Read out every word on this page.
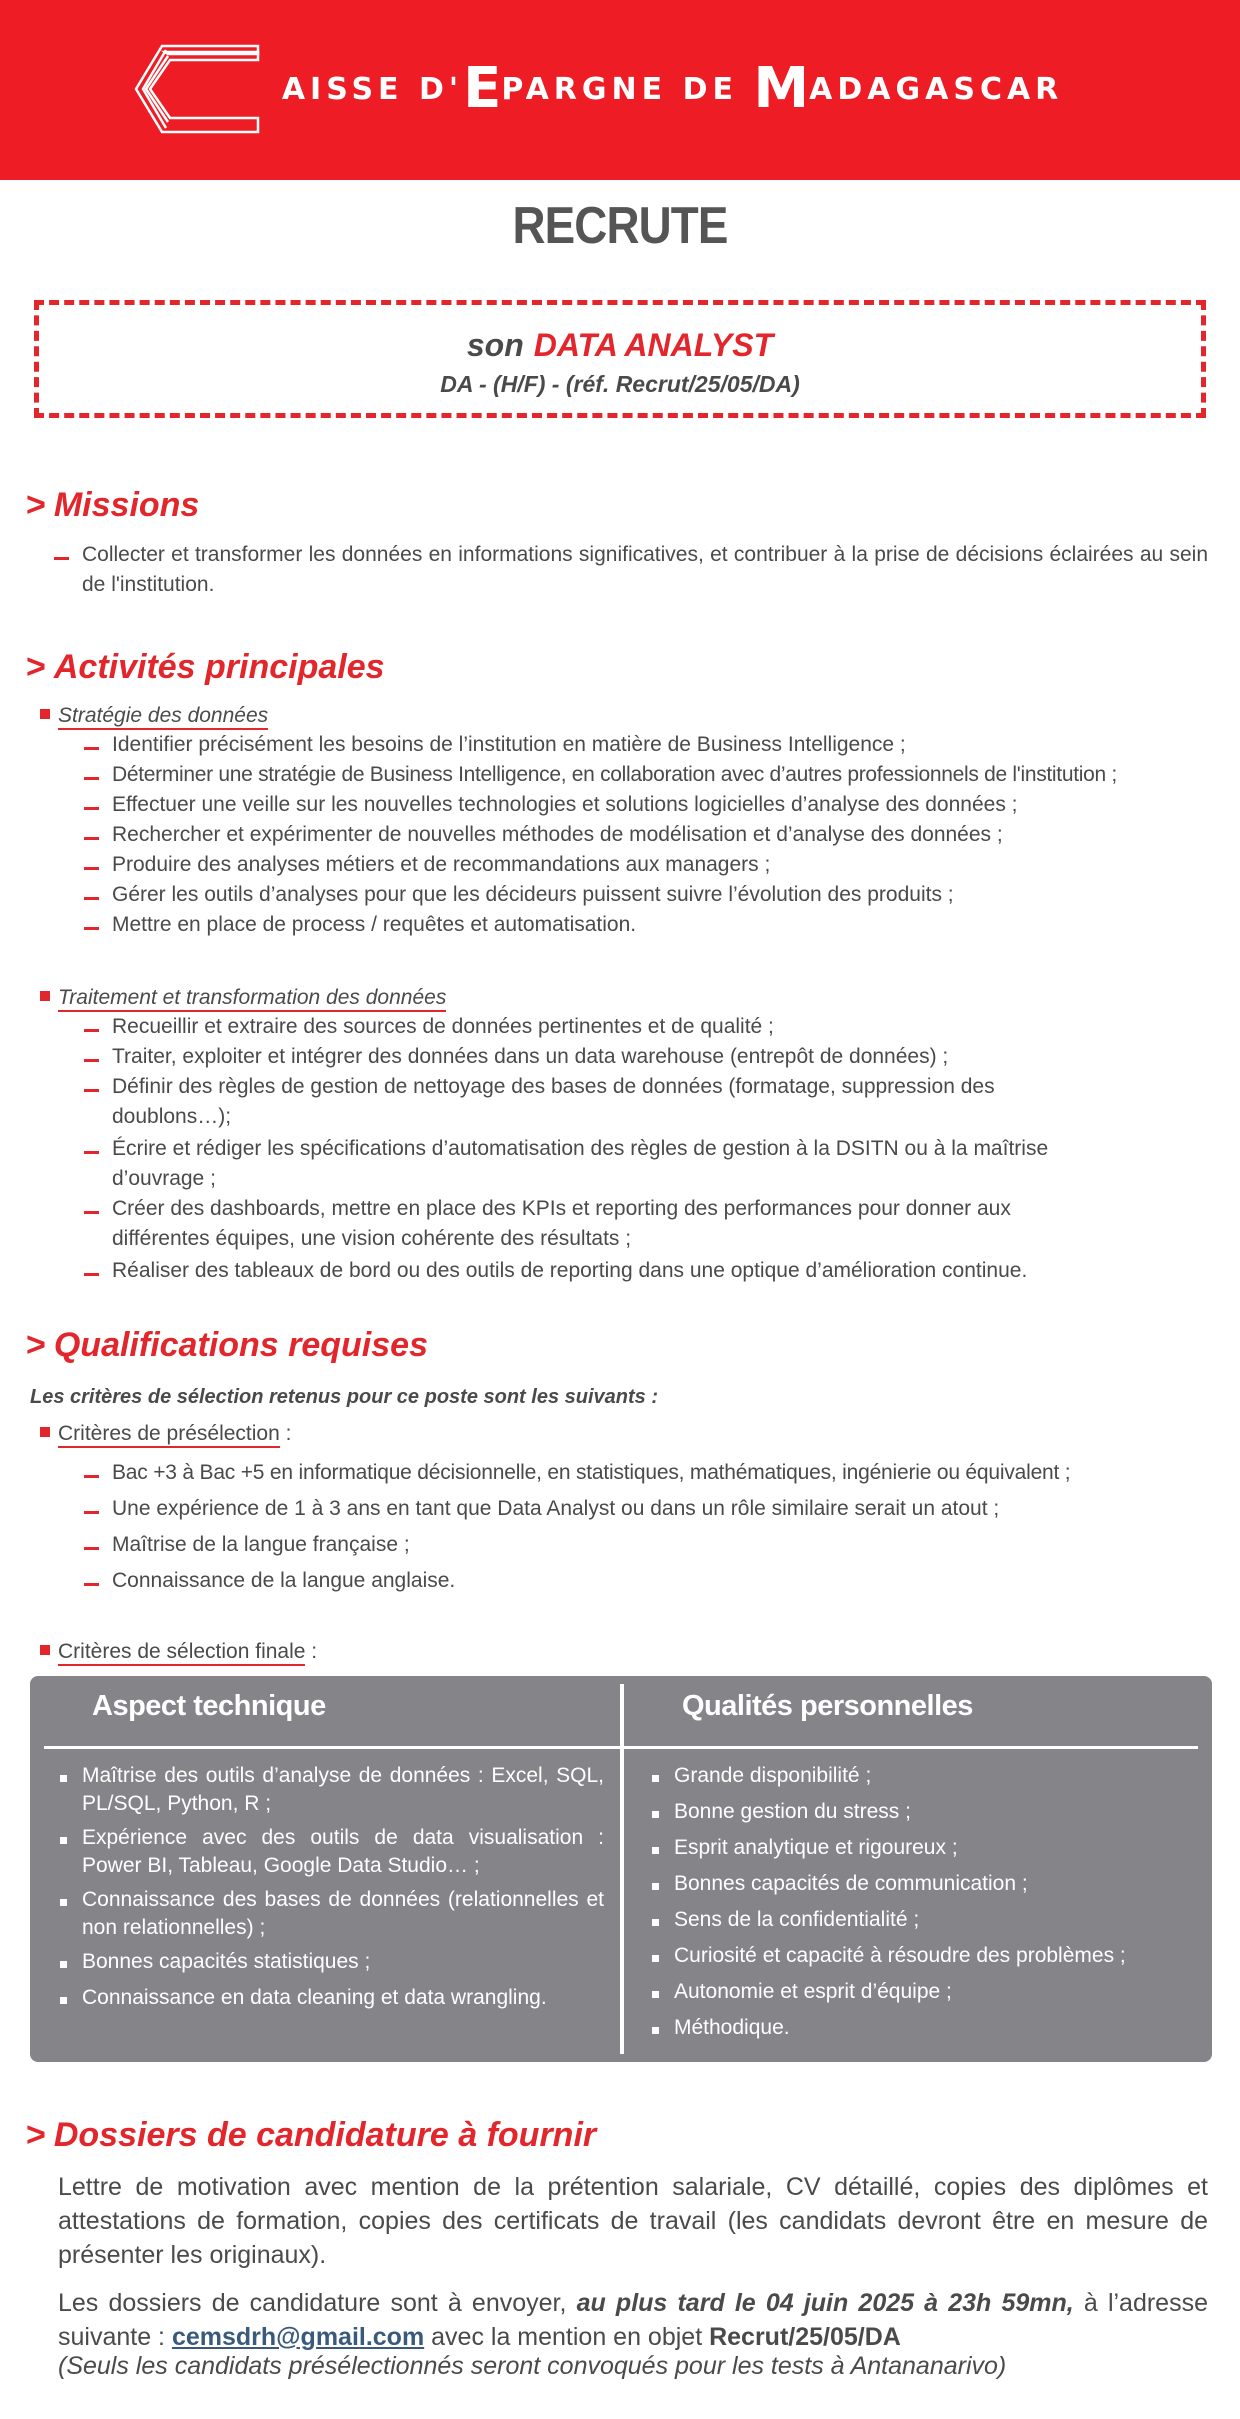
AISSE D'EPARGNE DE MADAGASCAR
RECRUTE
son DATA ANALYST
DA - (H/F) - (réf. Recrut/25/05/DA)
> Missions
Collecter et transformer les données en informations significatives, et contribuer à la prise de décisions éclairées au sein de l'institution.
> Activités principales
Stratégie des données
Identifier précisément les besoins de l’institution en matière de Business Intelligence ;
Déterminer une stratégie de Business Intelligence, en collaboration avec d’autres professionnels de l'institution ;
Effectuer une veille sur les nouvelles technologies et solutions logicielles d’analyse des données ;
Rechercher et expérimenter de nouvelles méthodes de modélisation et d’analyse des données ;
Produire des analyses métiers et de recommandations aux managers ;
Gérer les outils d’analyses pour que les décideurs puissent suivre l’évolution des produits ;
Mettre en place de process / requêtes et automatisation.
Traitement et transformation des données
Recueillir et extraire des sources de données pertinentes et de qualité ;
Traiter, exploiter et intégrer des données dans un data warehouse (entrepôt de données) ;
Définir des règles de gestion de nettoyage des bases de données (formatage, suppression des doublons…);
Écrire et rédiger les spécifications d’automatisation des règles de gestion à la DSITN ou à la maîtrise d’ouvrage ;
Créer des dashboards, mettre en place des KPIs et reporting des performances pour donner aux différentes équipes, une vision cohérente des résultats ;
Réaliser des tableaux de bord ou des outils de reporting dans une optique d’amélioration continue.
> Qualifications requises
Les critères de sélection retenus pour ce poste sont les suivants :
Critères de présélection :
Bac +3 à Bac +5 en informatique décisionnelle, en statistiques, mathématiques, ingénierie ou équivalent ;
Une expérience de 1 à 3 ans en tant que Data Analyst ou dans un rôle similaire serait un atout ;
Maîtrise de la langue française ;
Connaissance de la langue anglaise.
Critères de sélection finale :
Aspect technique	Qualités personnelles
Maîtrise des outils d’analyse de données : Excel, SQL, PL/SQL, Python, R ;
Expérience avec des outils de data visualisation : Power BI, Tableau, Google Data Studio… ;
Connaissance des bases de données (relationnelles et non relationnelles) ;
Bonnes capacités statistiques ;
Connaissance en data cleaning et data wrangling.
Grande disponibilité ;
Bonne gestion du stress ;
Esprit analytique et rigoureux ;
Bonnes capacités de communication ;
Sens de la confidentialité ;
Curiosité et capacité à résoudre des problèmes ;
Autonomie et esprit d’équipe ;
Méthodique.
> Dossiers de candidature à fournir
Lettre de motivation avec mention de la prétention salariale, CV détaillé, copies des diplômes et attestations de formation, copies des certificats de travail (les candidats devront être en mesure de présenter les originaux).
Les dossiers de candidature sont à envoyer, au plus tard le 04 juin 2025 à 23h 59mn, à l’adresse suivante : cemsdrh@gmail.com avec la mention en objet Recrut/25/05/DA
(Seuls les candidats présélectionnés seront convoqués pour les tests à Antananarivo)
